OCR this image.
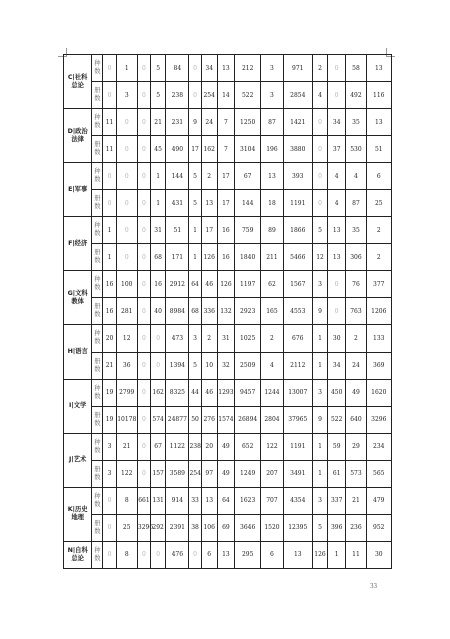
C|社科总论	种数	0	1	0	5	84	0	34	13	212	3	971	2	0	58	13
	册数	0	3	0	5	238	0	254	14	522	3	2854	4	0	492	116
D|政治法律	种数	11	0	0	21	231	9	24	7	1250	87	1421	0	34	35	13
	册数	11	0	0	45	490	17	162	7	3104	196	3880	0	37	530	51
E|军事	种数	0	0	0	1	144	5	2	17	67	13	393	0	4	4	6
	册数	0	0	0	1	431	5	13	17	144	18	1191	0	4	87	25
F|经济	种数	1	0	0	31	51	1	17	16	759	89	1866	5	13	35	2
	册数	1	0	0	68	171	1	126	16	1840	211	5466	12	13	306	2
G|文科教体	种数	16	100	0	16	2912	64	46	126	1197	62	1567	3	0	76	377
	册数	16	281	0	40	8984	68	336	132	2923	165	4553	9	0	763	1206
H|语言	种数	20	12	0	0	473	3	2	31	1025	2	676	1	30	2	133
	册数	21	36	0	0	1394	5	10	32	2509	4	2112	1	34	24	369
I|文学	种数	19	2799	0	162	8325	44	46	1293	9457	1244	13007	3	450	49	1620
	册数	19	10178	0	574	24877	50	276	1574	26894	2804	37965	9	522	640	3296
J|艺术	种数	3	21	0	67	1122	238	20	49	652	122	1191	1	59	29	234
	册数	3	122	0	157	3589	254	97	49	1249	207	3491	1	61	573	565
K|历史地理	种数	0	8	661	131	914	33	13	64	1623	707	4354	3	337	21	479
	册数	0	25	3296	292	2391	38	106	69	3646	1520	12395	5	396	236	952
N|自科总论	种数	0	8	0	0	476	0	6	13	295	6	13	126	1	11	30
33
